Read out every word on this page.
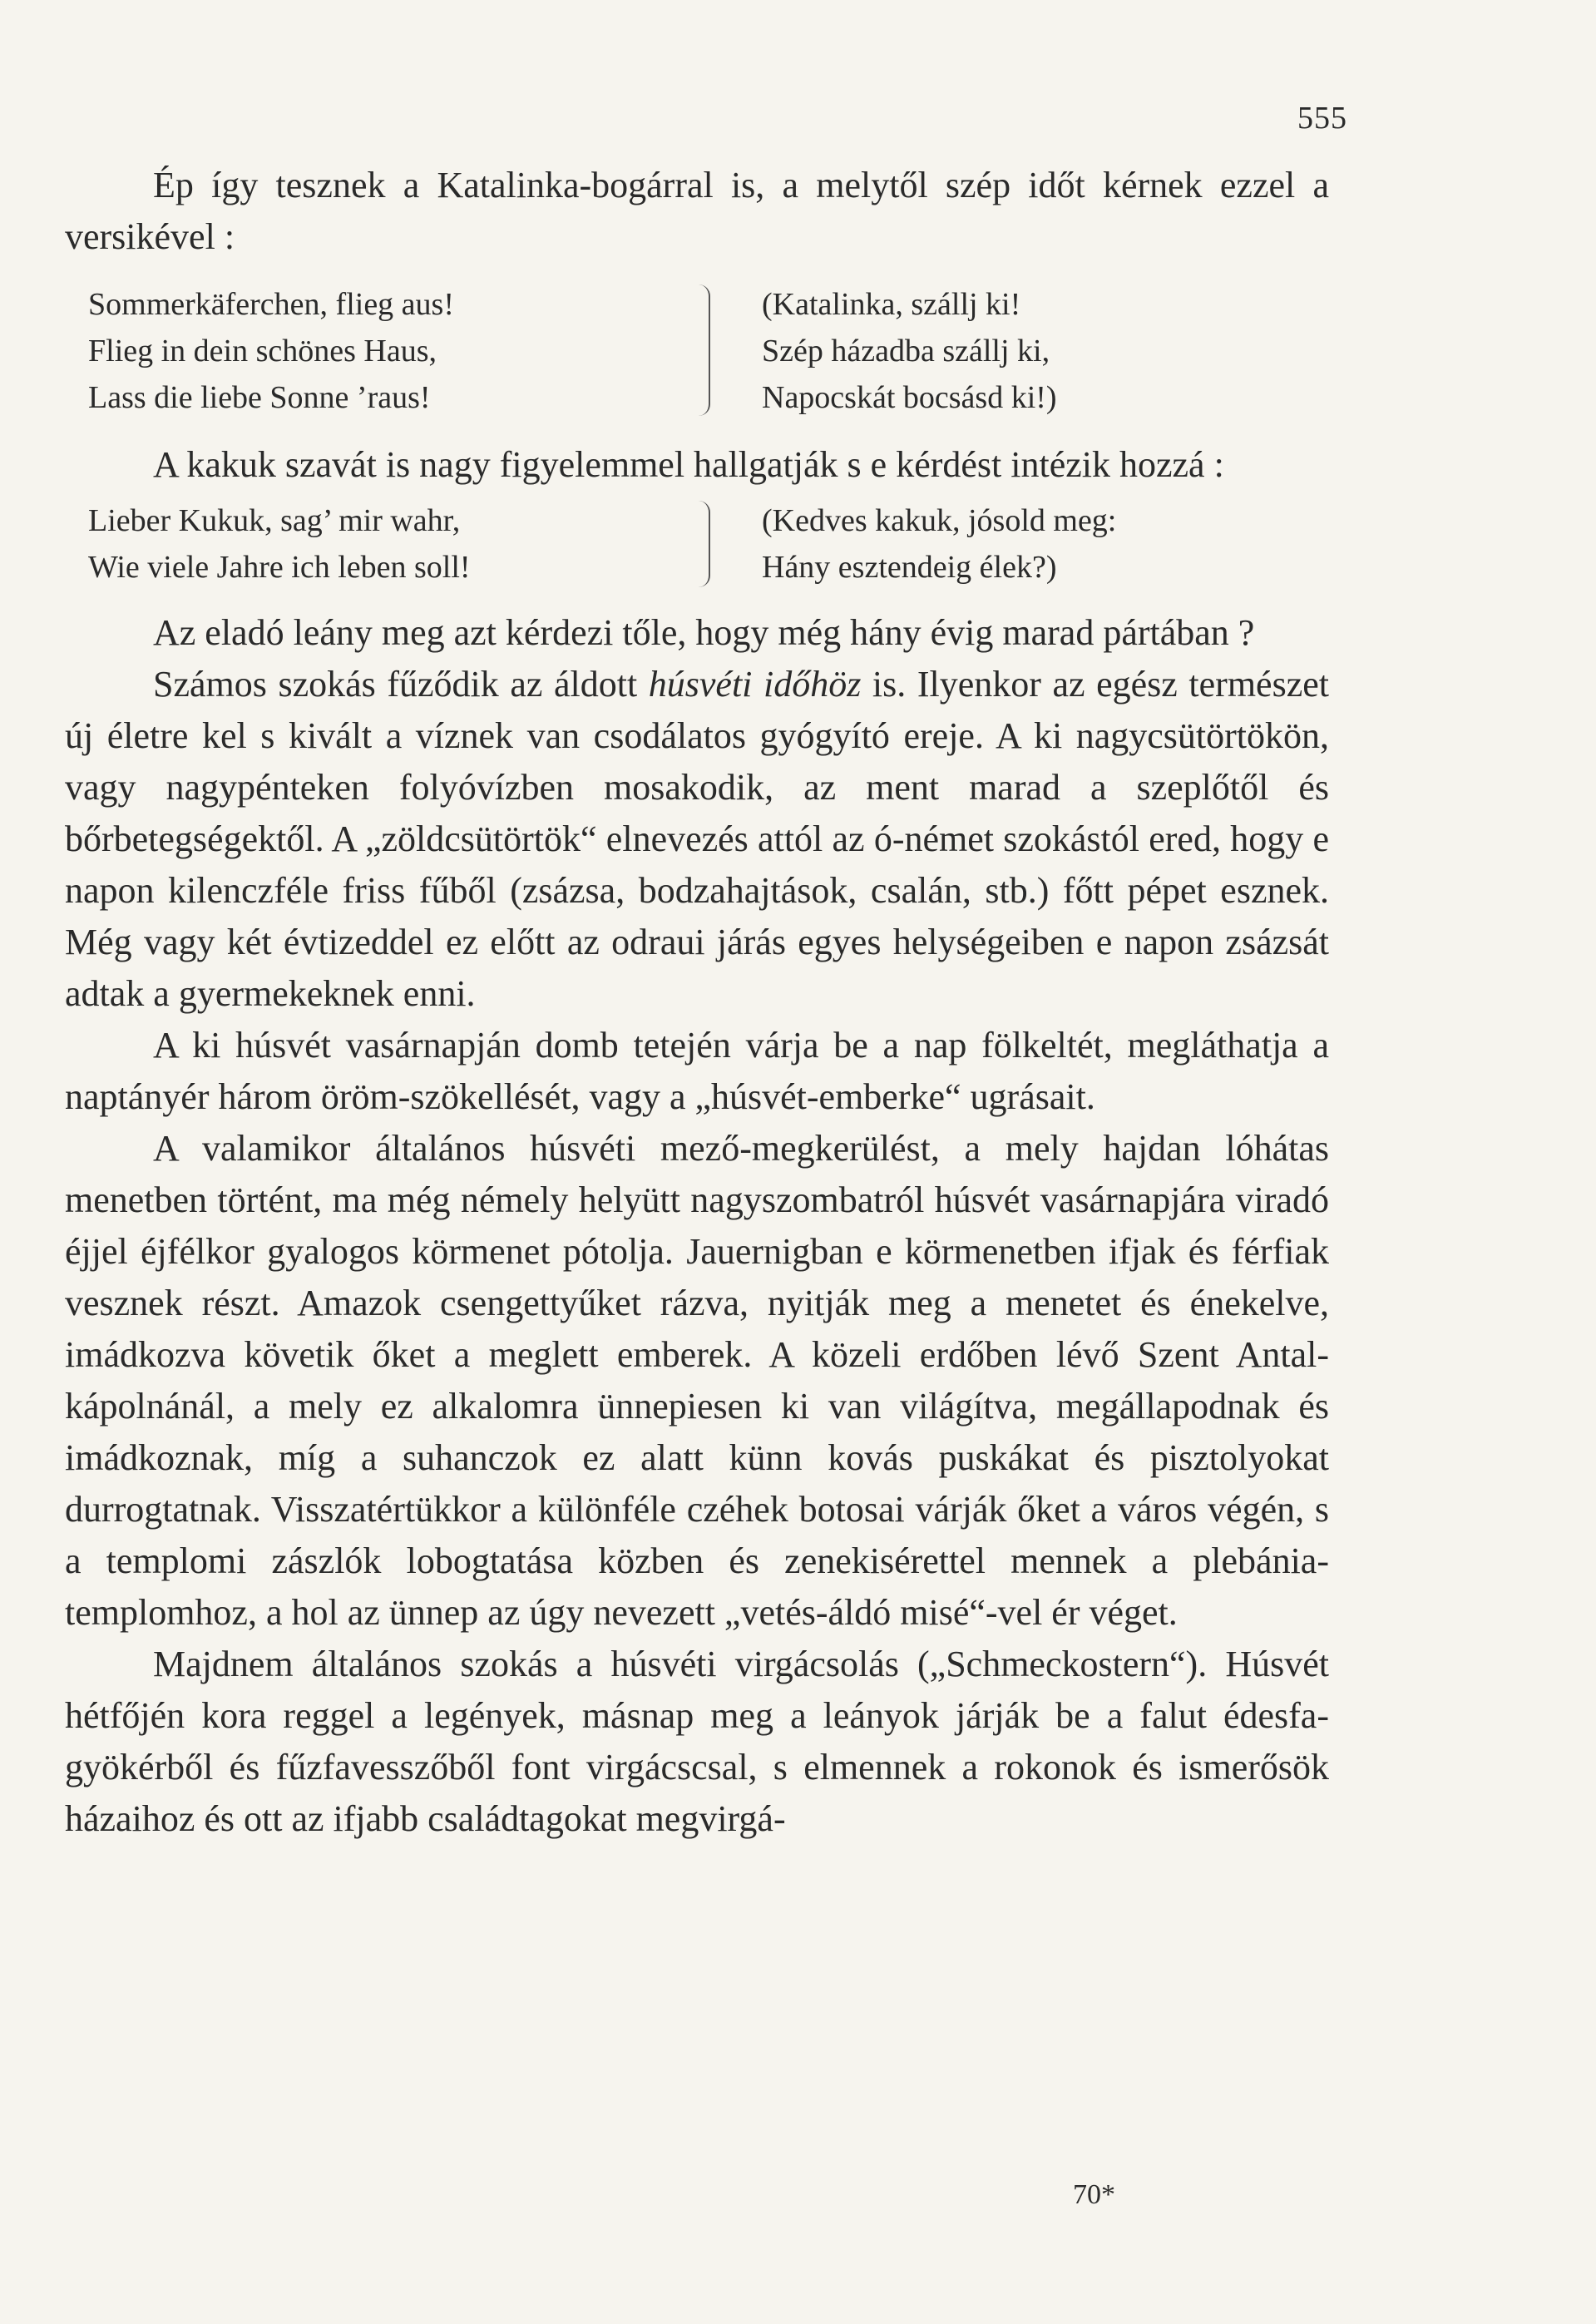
555

Ép így tesznek a Katalinka-bogárral is, a melytől szép időt kérnek ezzel a versikével :

Sommerkäferchen, flieg aus!
Flieg in dein schönes Haus,
Lass die liebe Sonne ’raus!
(Katalinka, szállj ki!
Szép házadba szállj ki,
Napocskát bocsásd ki!)

A kakuk szavát is nagy figyelemmel hallgatják s e kérdést intézik hozzá :

Lieber Kukuk, sag’ mir wahr,
Wie viele Jahre ich leben soll!
(Kedves kakuk, jósold meg:
Hány esztendeig élek?)

Az eladó leány meg azt kérdezi tőle, hogy még hány évig marad pártában ?

Számos szokás fűződik az áldott húsvéti időhöz is. Ilyenkor az egész természet új életre kel s kivált a víznek van csodálatos gyógyító ereje. A ki nagycsütörtökön, vagy nagypénteken folyóvízben mosakodik, az ment marad a szeplőtől és bőrbetegségektől. A „zöldcsütörtök“ elnevezés attól az ó-német szokástól ered, hogy e napon kilenczféle friss fűből (zsázsa, bodzahajtások, csalán, stb.) főtt pépet esznek. Még vagy két évtizeddel ez előtt az odraui járás egyes helységeiben e napon zsázsát adtak a gyermekeknek enni.

A ki húsvét vasárnapján domb tetején várja be a nap fölkeltét, megláthatja a naptányér három öröm-szökellését, vagy a „húsvét-emberke“ ugrásait.

A valamikor általános húsvéti mező-megkerülést, a mely hajdan lóhátas menetben történt, ma még némely helyütt nagyszombatról húsvét vasárnapjára viradó éjjel éjfélkor gyalogos körmenet pótolja. Jauernigban e körmenetben ifjak és férfiak vesznek részt. Amazok csengettyűket rázva, nyitják meg a menetet és énekelve, imádkozva követik őket a meglett emberek. A közeli erdőben lévő Szent Antal-kápolnánál, a mely ez alkalomra ünnepiesen ki van világítva, megállapodnak és imádkoznak, míg a suhanczok ez alatt künn kovás puskákat és pisztolyokat durrogtatnak. Visszatértükkor a különféle czéhek botosai várják őket a város végén, s a templomi zászlók lobogtatása közben és zenekisérettel mennek a plebánia-templomhoz, a hol az ünnep az úgy nevezett „vetés-áldó misé“-vel ér véget.

Majdnem általános szokás a húsvéti virgácsolás („Schmeckostern“). Húsvét hétfőjén kora reggel a legények, másnap meg a leányok járják be a falut édesfa-gyökérből és fűzfavesszőből font virgácscsal, s elmennek a rokonok és ismerősök házaihoz és ott az ifjabb családtagokat megvirgá-

70*
